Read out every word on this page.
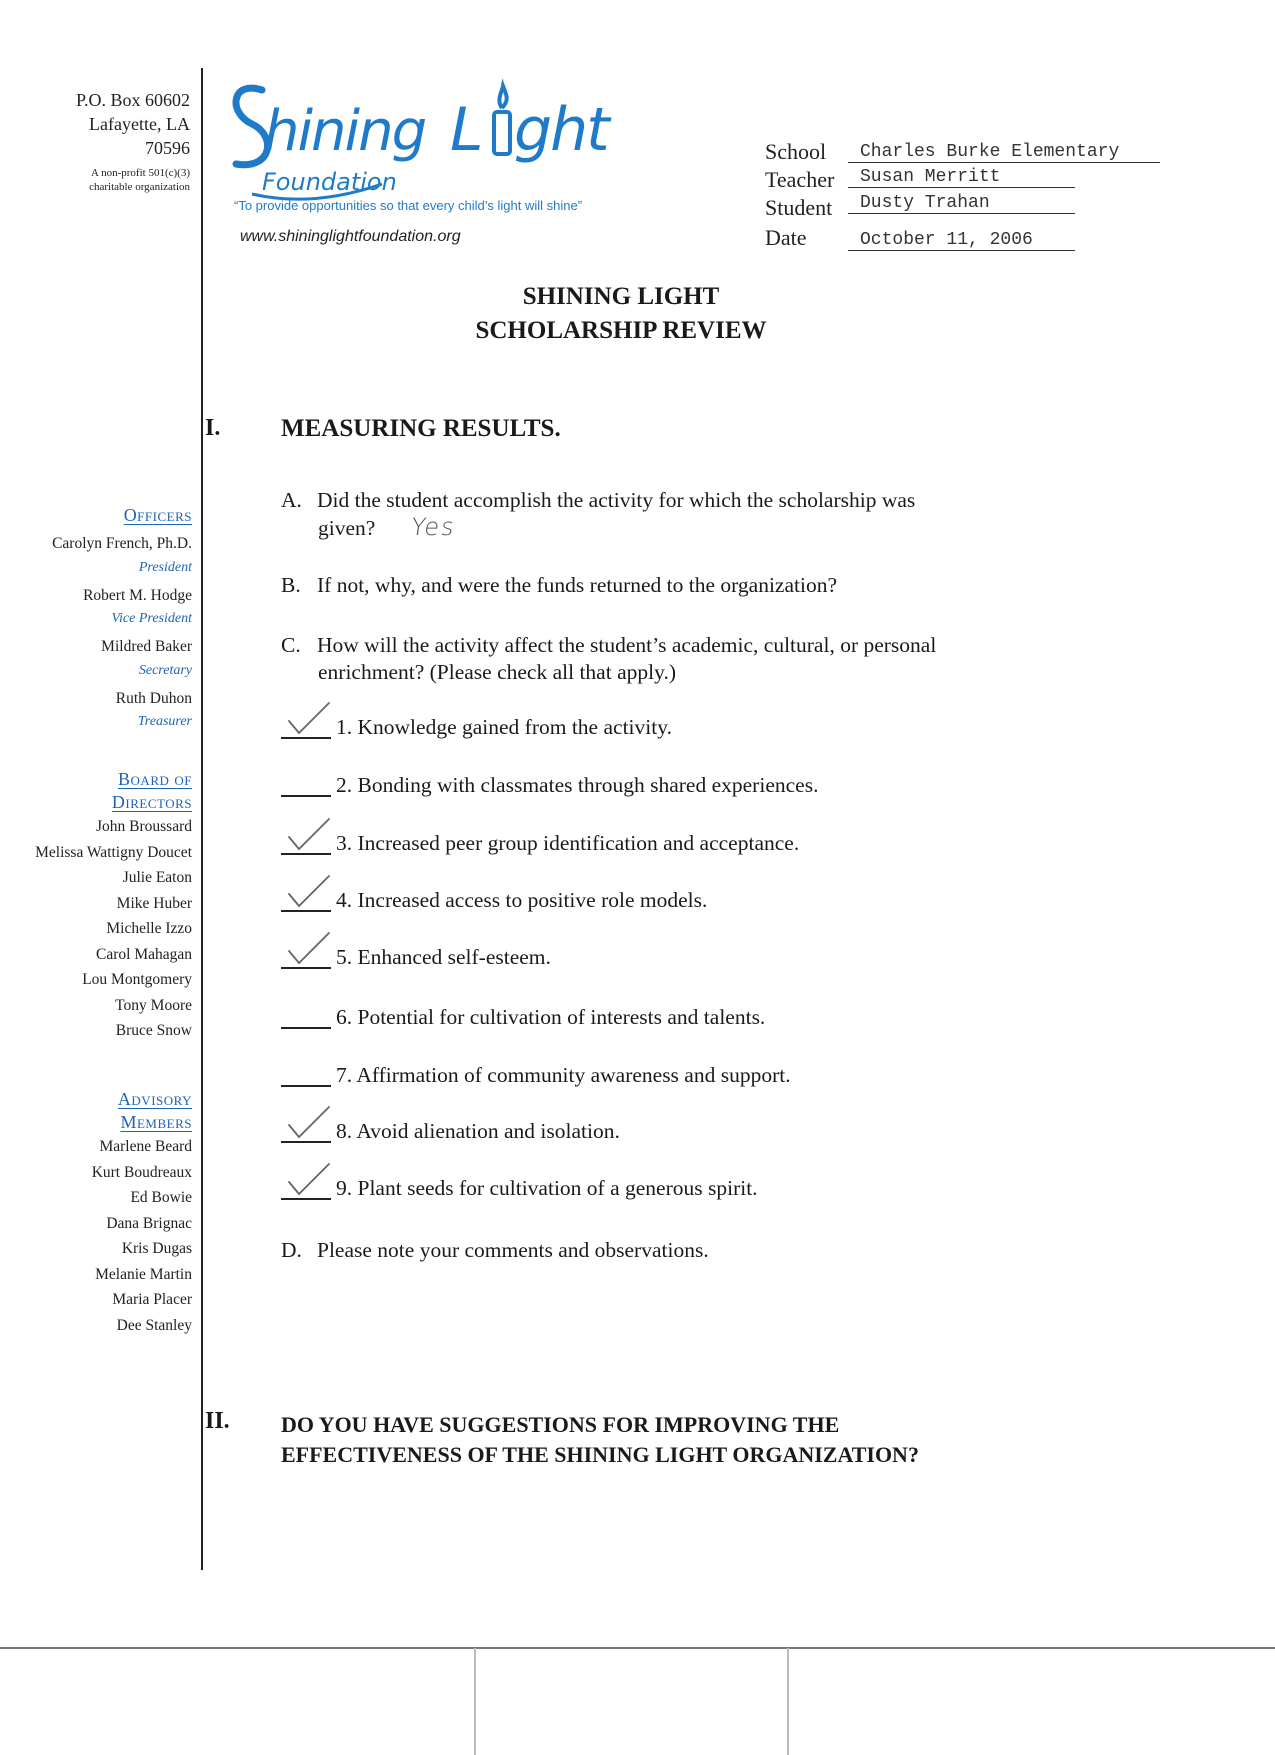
P.O. Box 60602
Lafayette, LA
70596
A non-profit 501(c)(3)
charitable organization
Officers
Carolyn French, Ph.D.
President
Robert M. Hodge
Vice President
Mildred Baker
Secretary
Ruth Duhon
Treasurer
Board of
Directors
John Broussard
Melissa Wattigny Doucet
Julie Eaton
Mike Huber
Michelle Izzo
Carol Mahagan
Lou Montgomery
Tony Moore
Bruce Snow
Advisory
Members
Marlene Beard
Kurt Boudreaux
Ed Bowie
Dana Brignac
Kris Dugas
Melanie Martin
Maria Placer
Dee Stanley
hining L ght
Foundation
“To provide opportunities so that every child’s light will shine”
www.shininglightfoundation.org
School	Charles Burke Elementary
Teacher	Susan Merritt
Student	Dusty Trahan
Date	October 11, 2006
SHINING LIGHT
SCHOLARSHIP REVIEW
I. MEASURING RESULTS.
A. Did the student accomplish the activity for which the scholarship was
given? Yes
B. If not, why, and were the funds returned to the organization?
C. How will the activity affect the student’s academic, cultural, or personal
enrichment? (Please check all that apply.)
1. Knowledge gained from the activity.
2. Bonding with classmates through shared experiences.
3. Increased peer group identification and acceptance.
4. Increased access to positive role models.
5. Enhanced self-esteem.
6. Potential for cultivation of interests and talents.
7. Affirmation of community awareness and support.
8. Avoid alienation and isolation.
9. Plant seeds for cultivation of a generous spirit.
D. Please note your comments and observations.
II. DO YOU HAVE SUGGESTIONS FOR IMPROVING THE
EFFECTIVENESS OF THE SHINING LIGHT ORGANIZATION?
